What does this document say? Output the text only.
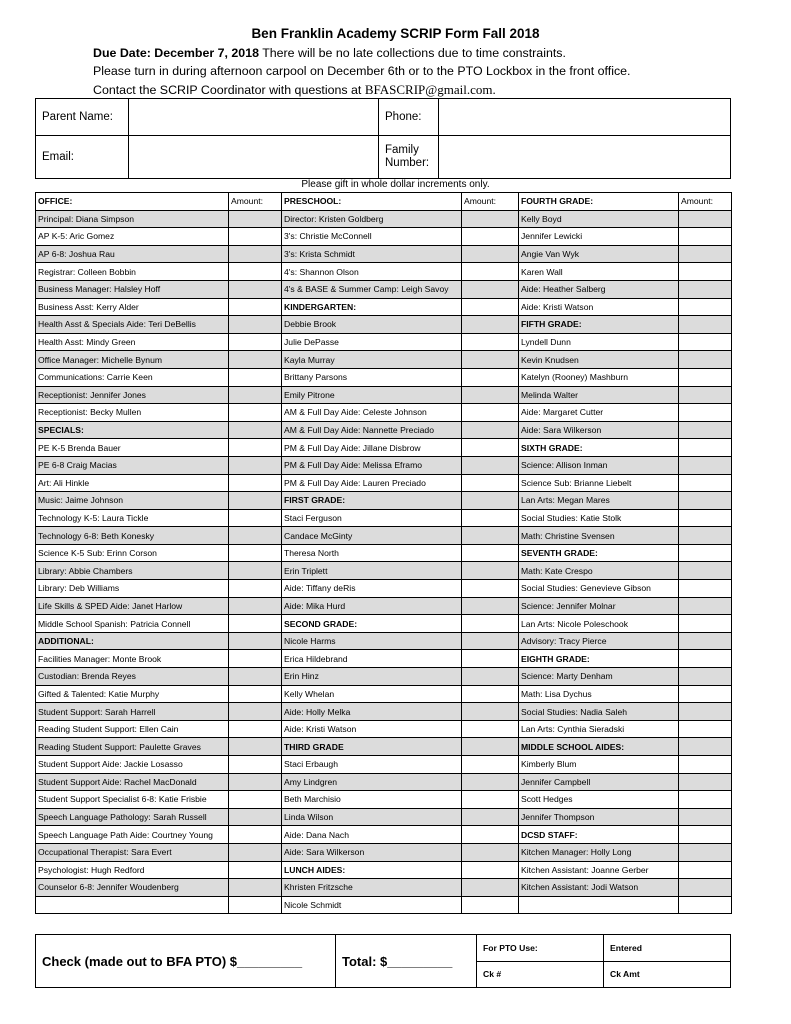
Ben Franklin Academy SCRIP Form Fall 2018
Due Date: December 7, 2018 There will be no late collections due to time constraints.
Please turn in during afternoon carpool on December 6th or to the PTO Lockbox in the front office.
Contact the SCRIP Coordinator with questions at BFASCRIP@gmail.com.
Parent Name:		Phone:	
Email:		Family
Number:	
Please gift in whole dollar increments only.
OFFICE:	Amount:	PRESCHOOL:	Amount:	FOURTH GRADE:	Amount:
Principal: Diana Simpson		Director: Kristen Goldberg		Kelly Boyd	
AP K-5: Aric Gomez		3's: Christie McConnell		Jennifer Lewicki	
AP 6-8: Joshua Rau		3's: Krista Schmidt		Angie Van Wyk	
Registrar: Colleen Bobbin		4's: Shannon Olson		Karen Wall	
Business Manager: Halsley Hoff		4's & BASE & Summer Camp: Leigh Savoy		Aide: Heather Salberg	
Business Asst: Kerry Alder		KINDERGARTEN:		Aide: Kristi Watson	
Health Asst & Specials Aide: Teri DeBellis		Debbie Brook		FIFTH GRADE:	
Health Asst: Mindy Green		Julie DePasse		Lyndell Dunn	
Office Manager: Michelle Bynum		Kayla Murray		Kevin Knudsen	
Communications: Carrie Keen		Brittany Parsons		Katelyn (Rooney) Mashburn	
Receptionist: Jennifer Jones		Emily Pitrone		Melinda Walter	
Receptionist: Becky Mullen		AM & Full Day Aide: Celeste Johnson		Aide: Margaret Cutter	
SPECIALS:		AM & Full Day Aide: Nannette Preciado		Aide: Sara Wilkerson	
PE K-5 Brenda Bauer		PM & Full Day Aide: Jillane Disbrow		SIXTH GRADE:	
PE 6-8 Craig Macias		PM & Full Day Aide: Melissa Eframo		Science: Allison Inman	
Art: Ali Hinkle		PM & Full Day Aide: Lauren Preciado		Science Sub: Brianne Liebelt	
Music: Jaime Johnson		FIRST GRADE:		Lan Arts: Megan Mares	
Technology K-5: Laura Tickle		Staci Ferguson		Social Studies: Katie Stolk	
Technology 6-8: Beth Konesky		Candace McGinty		Math: Christine Svensen	
Science K-5 Sub: Erinn Corson		Theresa North		SEVENTH GRADE:	
Library: Abbie Chambers		Erin Triplett		Math: Kate Crespo	
Library: Deb Williams		Aide: Tiffany deRis		Social Studies: Genevieve Gibson	
Life Skills & SPED Aide: Janet Harlow		Aide: Mika Hurd		Science: Jennifer Molnar	
Middle School Spanish: Patricia Connell		SECOND GRADE:		Lan Arts: Nicole Poleschook	
ADDITIONAL:		Nicole Harms		Advisory: Tracy Pierce	
Facilities Manager: Monte Brook		Erica Hildebrand		EIGHTH GRADE:	
Custodian: Brenda Reyes		Erin Hinz		Science: Marty Denham	
Gifted & Talented: Katie Murphy		Kelly Whelan		Math: Lisa Dychus	
Student Support: Sarah Harrell		Aide: Holly Melka		Social Studies: Nadia Saleh	
Reading Student Support: Ellen Cain		Aide: Kristi Watson		Lan Arts: Cynthia Sieradski	
Reading Student Support: Paulette Graves		THIRD GRADE		MIDDLE SCHOOL AIDES:	
Student Support Aide: Jackie Losasso		Staci Erbaugh		Kimberly Blum	
Student Support Aide: Rachel MacDonald		Amy Lindgren		Jennifer Campbell	
Student Support Specialist 6-8: Katie Frisbie		Beth Marchisio		Scott Hedges	
Speech Language Pathology: Sarah Russell		Linda Wilson		Jennifer Thompson	
Speech Language Path Aide: Courtney Young		Aide: Dana Nach		DCSD STAFF:	
Occupational Therapist: Sara Evert		Aide: Sara Wilkerson		Kitchen Manager: Holly Long	
Psychologist: Hugh Redford		LUNCH AIDES:		Kitchen Assistant: Joanne Gerber	
Counselor 6-8: Jennifer Woudenberg		Khristen Fritzsche		Kitchen Assistant: Jodi Watson	
		Nicole Schmidt			
Check (made out to BFA PTO) $_________	Total: $_________	For PTO Use:	Entered
		Ck #	Ck Amt
